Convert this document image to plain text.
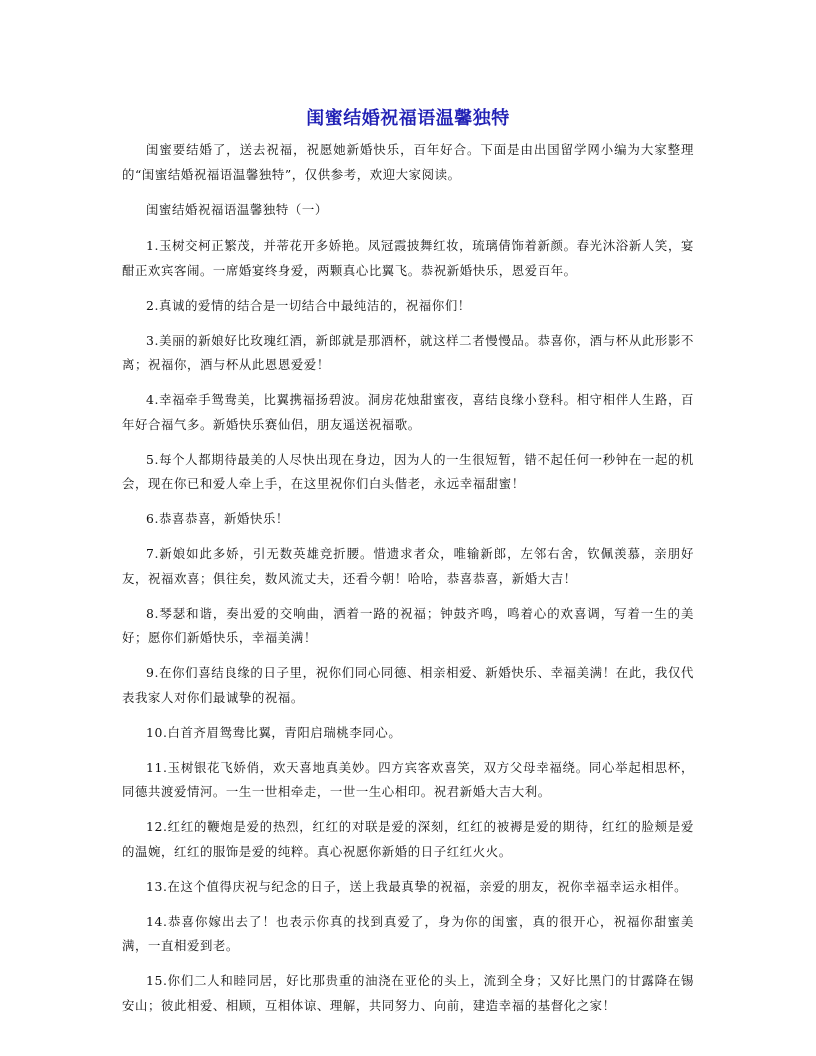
闺蜜结婚祝福语温馨独特

闺蜜要结婚了，送去祝福，祝愿她新婚快乐，百年好合。下面是由出国留学网小编为大家整理的“闺蜜结婚祝福语温馨独特”，仅供参考，欢迎大家阅读。

闺蜜结婚祝福语温馨独特（一）

1.玉树交柯正繁茂，并蒂花开多娇艳。凤冠霞披舞红妆，琉璃倩饰着新颜。春光沐浴新人笑，宴酣正欢宾客闹。一席婚宴终身爱，两颗真心比翼飞。恭祝新婚快乐，恩爱百年。

2.真诚的爱情的结合是一切结合中最纯洁的，祝福你们！

3.美丽的新娘好比玫瑰红酒，新郎就是那酒杯，就这样二者慢慢品。恭喜你，酒与杯从此形影不离；祝福你，酒与杯从此恩恩爱爱！

4.幸福牵手鸳鸯美，比翼携福扬碧波。洞房花烛甜蜜夜，喜结良缘小登科。相守相伴人生路，百年好合福气多。新婚快乐赛仙侣，朋友遥送祝福歌。

5.每个人都期待最美的人尽快出现在身边，因为人的一生很短暂，错不起任何一秒钟在一起的机会，现在你已和爱人牵上手，在这里祝你们白头偕老，永远幸福甜蜜！

6.恭喜恭喜，新婚快乐！

7.新娘如此多娇，引无数英雄竞折腰。惜遗求者众，唯输新郎，左邻右舍，钦佩羡慕，亲朋好友，祝福欢喜；俱往矣，数风流丈夫，还看今朝！哈哈，恭喜恭喜，新婚大吉！

8.琴瑟和谐，奏出爱的交响曲，洒着一路的祝福；钟鼓齐鸣，鸣着心的欢喜调，写着一生的美好；愿你们新婚快乐，幸福美满！

9.在你们喜结良缘的日子里，祝你们同心同德、相亲相爱、新婚快乐、幸福美满！在此，我仅代表我家人对你们最诚挚的祝福。

10.白首齐眉鸳鸯比翼，青阳启瑞桃李同心。

11.玉树银花飞娇俏，欢天喜地真美妙。四方宾客欢喜笑，双方父母幸福绕。同心举起相思杯，同德共渡爱情河。一生一世相牵走，一世一生心相印。祝君新婚大吉大利。

12.红红的鞭炮是爱的热烈，红红的对联是爱的深刻，红红的被褥是爱的期待，红红的脸颊是爱的温婉，红红的服饰是爱的纯粹。真心祝愿你新婚的日子红红火火。

13.在这个值得庆祝与纪念的日子，送上我最真挚的祝福，亲爱的朋友，祝你幸福幸运永相伴。

14.恭喜你嫁出去了！也表示你真的找到真爱了，身为你的闺蜜，真的很开心，祝福你甜蜜美满，一直相爱到老。

15.你们二人和睦同居，好比那贵重的油浇在亚伦的头上，流到全身；又好比黑门的甘露降在锡安山；彼此相爱、相顾，互相体谅、理解，共同努力、向前，建造幸福的基督化之家！
